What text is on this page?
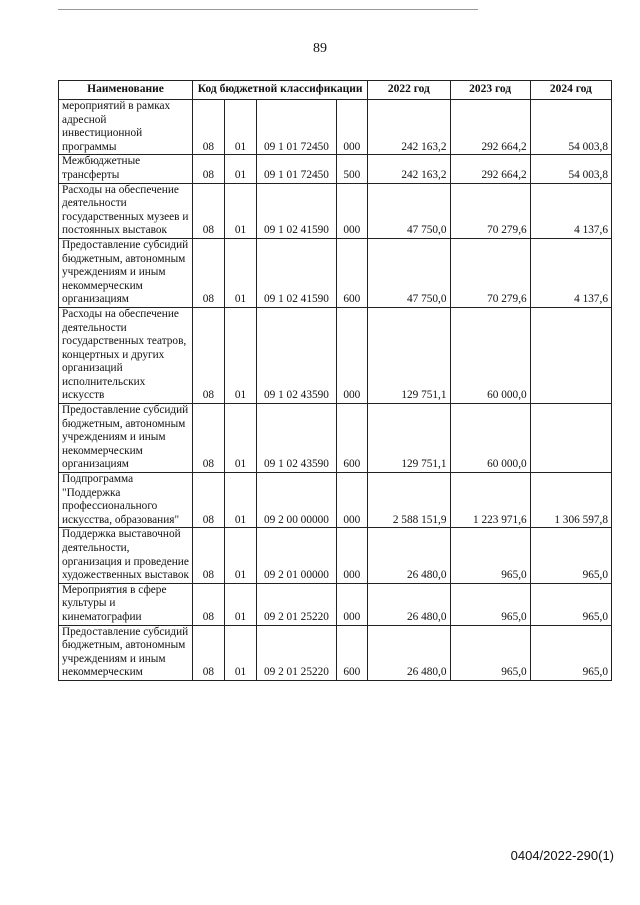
89
Наименование	Код бюджетной классификации				2022 год	2023 год	2024 год
мероприятий в рамках адресной инвестиционной программы	08	01	09 1 01 72450	000	242 163,2	292 664,2	54 003,8
Межбюджетные трансферты	08	01	09 1 01 72450	500	242 163,2	292 664,2	54 003,8
Расходы на обеспечение деятельности государственных музеев и постоянных выставок	08	01	09 1 02 41590	000	47 750,0	70 279,6	4 137,6
Предоставление субсидий бюджетным, автономным учреждениям и иным некоммерческим организациям	08	01	09 1 02 41590	600	47 750,0	70 279,6	4 137,6
Расходы на обеспечение деятельности государственных театров, концертных и других организаций исполнительских искусств	08	01	09 1 02 43590	000	129 751,1	60 000,0	
Предоставление субсидий бюджетным, автономным учреждениям и иным некоммерческим организациям	08	01	09 1 02 43590	600	129 751,1	60 000,0	
Подпрограмма "Поддержка профессионального искусства, образования"	08	01	09 2 00 00000	000	2 588 151,9	1 223 971,6	1 306 597,8
Поддержка выставочной деятельности, организация и проведение художественных выставок	08	01	09 2 01 00000	000	26 480,0	965,0	965,0
Мероприятия в сфере культуры и кинематографии	08	01	09 2 01 25220	000	26 480,0	965,0	965,0
Предоставление субсидий бюджетным, автономным учреждениям и иным некоммерческим	08	01	09 2 01 25220	600	26 480,0	965,0	965,0
0404/2022-290(1)
